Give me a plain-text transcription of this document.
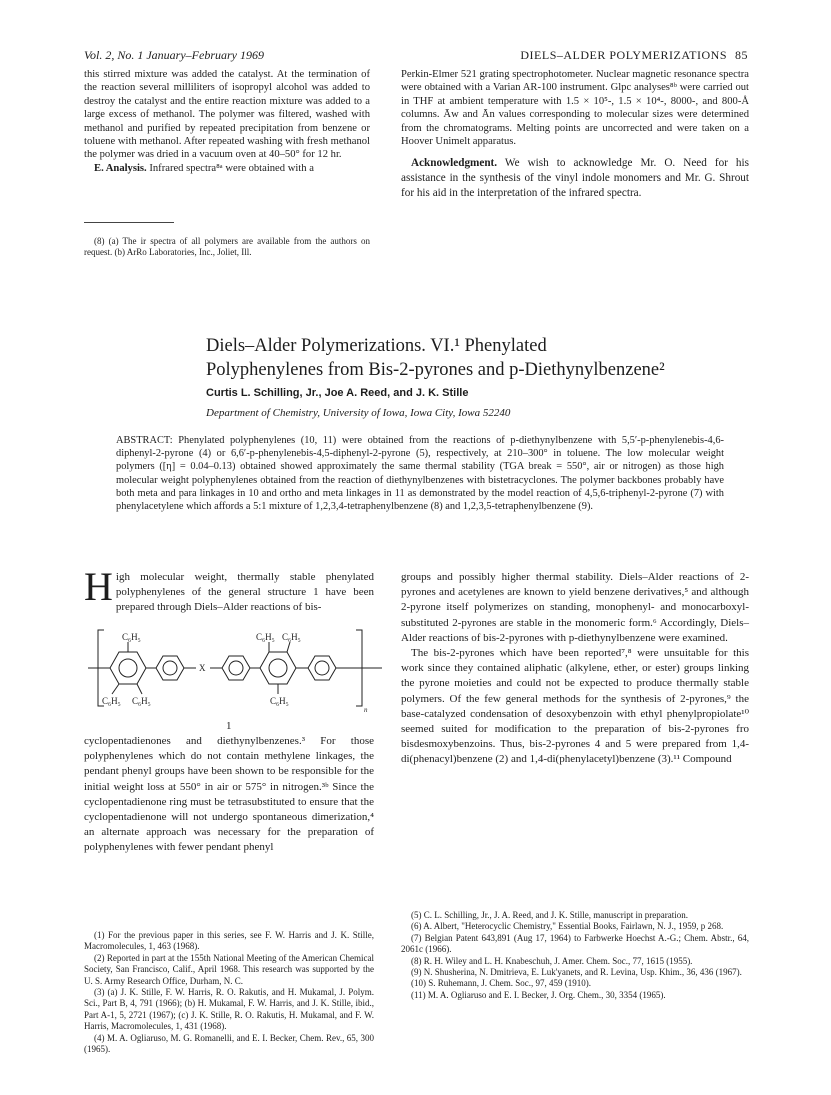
Vol. 2, No. 1 January–February 1969	DIELS–ALDER POLYMERIZATIONS 85

this stirred mixture was added the catalyst. At the termination of the reaction several milliliters of isopropyl alcohol was added to destroy the catalyst and the entire reaction mixture was added to a large excess of methanol. The polymer was filtered, washed with methanol and purified by repeated precipitation from benzene or toluene with methanol. After repeated washing with fresh methanol the polymer was dried in a vacuum oven at 40–50° for 12 hr.

E. Analysis. Infrared spectra⁸ᵃ were obtained with a

(8) (a) The ir spectra of all polymers are available from the authors on request. (b) ArRo Laboratories, Inc., Joliet, Ill.

Perkin-Elmer 521 grating spectrophotometer. Nuclear magnetic resonance spectra were obtained with a Varian AR-100 instrument. Glpc analyses⁸ᵇ were carried out in THF at ambient temperature with 1.5 × 10⁵-, 1.5 × 10⁴-, 8000-, and 800-Å columns. Āw and Ān values corresponding to molecular sizes were determined from the chromatograms. Melting points are uncorrected and were taken on a Hoover Unimelt apparatus.

Acknowledgment. We wish to acknowledge Mr. O. Need for his assistance in the synthesis of the vinyl indole monomers and Mr. G. Shrout for his aid in the interpretation of the infrared spectra.

Diels–Alder Polymerizations. VI.¹ Phenylated
Polyphenylenes from Bis-2-pyrones and p-Diethynylbenzene²
Curtis L. Schilling, Jr., Joe A. Reed, and J. K. Stille
Department of Chemistry, University of Iowa, Iowa City, Iowa 52240
ABSTRACT: Phenylated polyphenylenes (10, 11) were obtained from the reactions of p-diethynylbenzene with 5,5′-p-phenylenebis-4,6-diphenyl-2-pyrone (4) or 6,6′-p-phenylenebis-4,5-diphenyl-2-pyrone (5), respectively, at 210–300° in toluene. The low molecular weight polymers ([η] = 0.04–0.13) obtained showed approximately the same thermal stability (TGA break = 550°, air or nitrogen) as those high molecular weight polyphenylenes obtained from the reaction of diethynylbenzenes with bistetracyclones. The polymer backbones probably have both meta and para linkages in 10 and ortho and meta linkages in 11 as demonstrated by the model reaction of 4,5,6-triphenyl-2-pyrone (7) with phenylacetylene which affords a 5:1 mixture of 1,2,3,4-tetraphenylbenzene (8) and 1,2,3,5-tetraphenylbenzene (9).
High molecular weight, thermally stable phenylated polyphenylenes of the general structure 1 have been prepared through Diels–Alder reactions of bis-
C₆H₅	C₆H₅ C₆H₅
C₆H₅ C₆H₅	C₆H₅
X
n
1

cyclopentadienones and diethynylbenzenes.³ For those polyphenylenes which do not contain methylene linkages, the pendant phenyl groups have been shown to be responsible for the initial weight loss at 550° in air or 575° in nitrogen.³ᵇ Since the cyclopentadienone ring must be tetrasubstituted to ensure that the cyclopentadienone will not undergo spontaneous dimerization,⁴ an alternate approach was necessary for the preparation of polyphenylenes with fewer pendant phenyl

(1) For the previous paper in this series, see F. W. Harris and J. K. Stille, Macromolecules, 1, 463 (1968).

(2) Reported in part at the 155th National Meeting of the American Chemical Society, San Francisco, Calif., April 1968. This research was supported by the U. S. Army Research Office, Durham, N. C.

(3) (a) J. K. Stille, F. W. Harris, R. O. Rakutis, and H. Mukamal, J. Polym. Sci., Part B, 4, 791 (1966); (b) H. Mukamal, F. W. Harris, and J. K. Stille, ibid., Part A-1, 5, 2721 (1967); (c) J. K. Stille, R. O. Rakutis, H. Mukamal, and F. W. Harris, Macromolecules, 1, 431 (1968).

(4) M. A. Ogliaruso, M. G. Romanelli, and E. I. Becker, Chem. Rev., 65, 300 (1965).

groups and possibly higher thermal stability. Diels–Alder reactions of 2-pyrones and acetylenes are known to yield benzene derivatives,⁵ and although 2-pyrone itself polymerizes on standing, monophenyl- and monocarboxyl-substituted 2-pyrones are stable in the monomeric form.⁶ Accordingly, Diels–Alder reactions of bis-2-pyrones with p-diethynylbenzene were examined.

The bis-2-pyrones which have been reported⁷,⁸ were unsuitable for this work since they contained aliphatic (alkylene, ether, or ester) groups linking the pyrone moieties and could not be expected to produce thermally stable polymers. Of the few general methods for the synthesis of 2-pyrones,⁹ the base-catalyzed condensation of desoxybenzoin with ethyl phenylpropiolate¹⁰ seemed suited for modification to the preparation of bis-2-pyrones fro bisdesmoxybenzoins. Thus, bis-2-pyrones 4 and 5 were prepared from 1,4-di(phenacyl)benzene (2) and 1,4-di(phenylacetyl)benzene (3).¹¹ Compound

(5) C. L. Schilling, Jr., J. A. Reed, and J. K. Stille, manuscript in preparation.

(6) A. Albert, "Heterocyclic Chemistry," Essential Books, Fairlawn, N. J., 1959, p 268.

(7) Belgian Patent 643,891 (Aug 17, 1964) to Farbwerke Hoechst A.-G.; Chem. Abstr., 64, 2061c (1966).

(8) R. H. Wiley and L. H. Knabeschuh, J. Amer. Chem. Soc., 77, 1615 (1955).

(9) N. Shusherina, N. Dmitrieva, E. Luk'yanets, and R. Levina, Usp. Khim., 36, 436 (1967).

(10) S. Ruhemann, J. Chem. Soc., 97, 459 (1910).

(11) M. A. Ogliaruso and E. I. Becker, J. Org. Chem., 30, 3354 (1965).
